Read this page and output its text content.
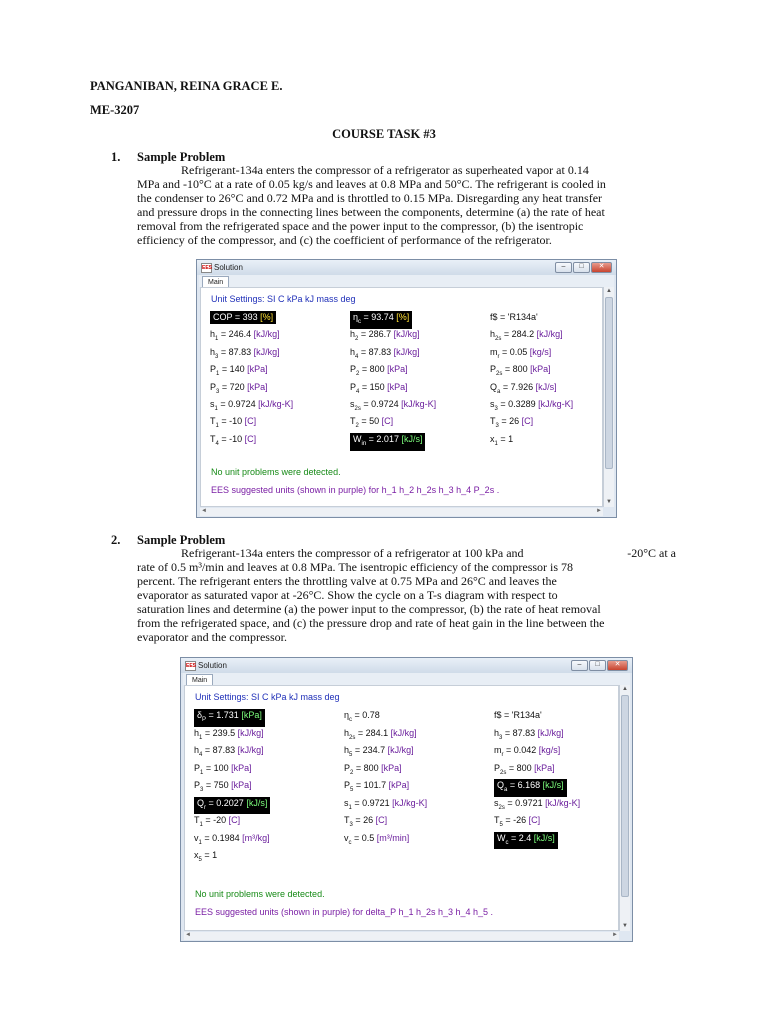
PANGANIBAN, REINA GRACE E.
ME-3207
COURSE TASK #3
1. Sample Problem
Refrigerant-134a enters the compressor of a refrigerator as superheated vapor at 0.14
MPa and -10°C at a rate of 0.05 kg/s and leaves at 0.8 MPa and 50°C. The refrigerant is cooled in
the condenser to 26°C and 0.72 MPa and is throttled to 0.15 MPa. Disregarding any heat transfer
and pressure drops in the connecting lines between the components, determine (a) the rate of heat
removal from the refrigerated space and the power input to the compressor, (b) the isentropic
efficiency of the compressor, and (c) the coefficient of performance of the refrigerator.
EES Solution	–	□	✕
Main
Unit Settings: SI C kPa kJ mass deg
COP = 393 [%]	$\eta_c = 93.74$ [%]	f$ = 'R134a'
$h_1 = 246.4$ [kJ/kg]	$h_2 = 286.7$ [kJ/kg]	$h_{2s} = 284.2$ [kJ/kg]
$h_3 = 87.83$ [kJ/kg]	$h_4 = 87.83$ [kJ/kg]	$m_r = 0.05$ [kg/s]
$P_1 = 140$ [kPa]	$P_2 = 800$ [kPa]	$P_{2s} = 800$ [kPa]
$P_3 = 720$ [kPa]	$P_4 = 150$ [kPa]	$Q_a = 7.926$ [kJ/s]
$s_1 = 0.9724$ [kJ/kg-K]	$s_{2s} = 0.9724$ [kJ/kg-K]	$s_3 = 0.3289$ [kJ/kg-K]
$T_1 = -10$ [C]	$T_2 = 50$ [C]	$T_3 = 26$ [C]
$T_4 = -10$ [C]	$W_{in} = 2.017$ [kJ/s]	$x_1 = 1$
No unit problems were detected.
EES suggested units (shown in purple) for h_1 h_2 h_2s h_3 h_4 P_2s .
▲
▼
◄	►
2. Sample Problem
Refrigerant-134a enters the compressor of a refrigerator at 100 kPa and	-20°C at a
rate of 0.5 m³/min and leaves at 0.8 MPa. The isentropic efficiency of the compressor is 78
percent. The refrigerant enters the throttling valve at 0.75 MPa and 26°C and leaves the
evaporator as saturated vapor at -26°C. Show the cycle on a T-s diagram with respect to
saturation lines and determine (a) the power input to the compressor, (b) the rate of heat removal
from the refrigerated space, and (c) the pressure drop and rate of heat gain in the line between the
evaporator and the compressor.
EES Solution	–	□	✕
Main
Unit Settings: SI C kPa kJ mass deg
$\delta_P = 1.731$ [kPa]	$\eta_c = 0.78$	f$ = 'R134a'
$h_1 = 239.5$ [kJ/kg]	$h_{2s} = 284.1$ [kJ/kg]	$h_3 = 87.83$ [kJ/kg]
$h_4 = 87.83$ [kJ/kg]	$h_5 = 234.7$ [kJ/kg]	$m_r = 0.042$ [kg/s]
$P_1 = 100$ [kPa]	$P_2 = 800$ [kPa]	$P_{2s} = 800$ [kPa]
$P_3 = 750$ [kPa]	$P_5 = 101.7$ [kPa]	$Q_a = 6.168$ [kJ/s]
$Q_r = 0.2027$ [kJ/s]	$s_1 = 0.9721$ [kJ/kg-K]	$s_{2s} = 0.9721$ [kJ/kg-K]
$T_1 = -20$ [C]	$T_3 = 26$ [C]	$T_5 = -26$ [C]
$v_1 = 0.1984$ [m³/kg]	$v_c = 0.5$ [m³/min]	$W_c = 2.4$ [kJ/s]
$x_5 = 1$
No unit problems were detected.
EES suggested units (shown in purple) for delta_P h_1 h_2s h_3 h_4 h_5 .
▲
▼
◄	►
